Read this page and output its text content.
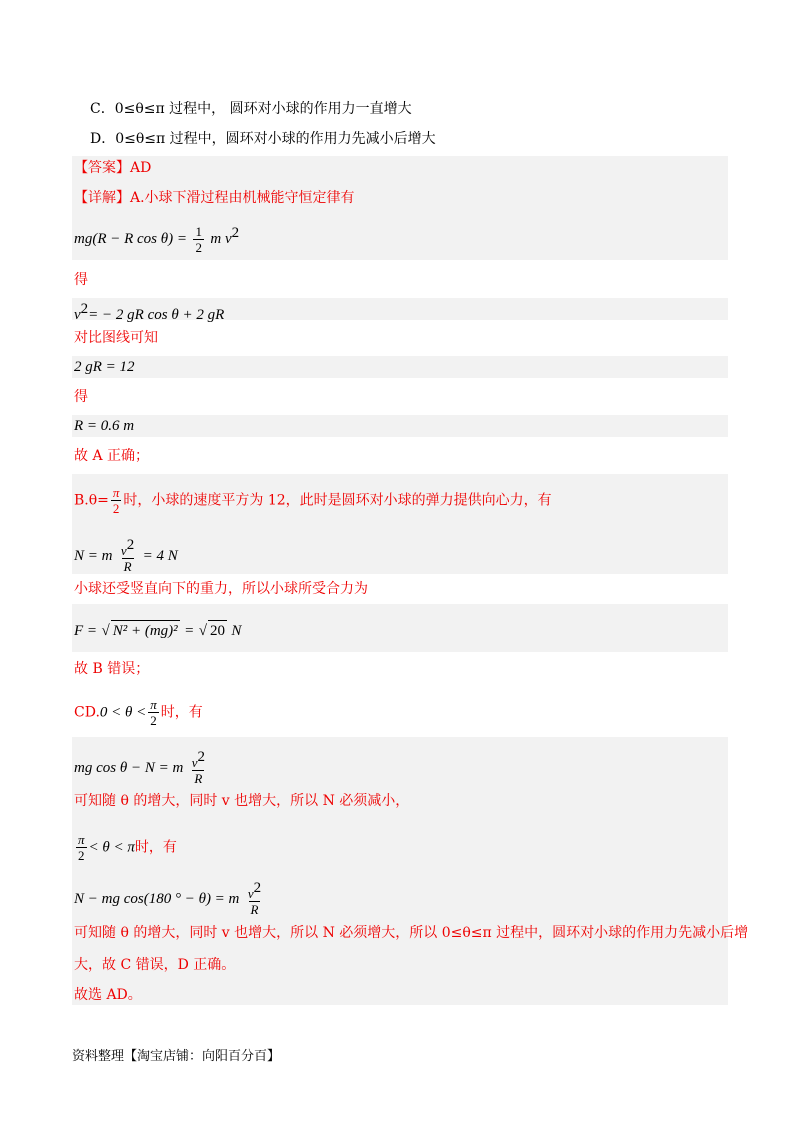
C．0≤θ≤π 过程中， 圆环对小球的作用力一直增大
D．0≤θ≤π 过程中，圆环对小球的作用力先减小后增大
【答案】AD
【详解】A.小球下滑过程由机械能守恒定律有
mg(R − R $\cos \theta) = \frac{1}{2}$ m $v^2$
得
$v^2= - 2$ gR cos θ + 2 gR
对比图线可知
2 gR = 12
得
R = 0.6 m
故 A 正确；
$B.\theta= \frac{\pi}{2}$ 时，小球的速度平方为 12，此时是圆环对小球的弹力提供向心力，有
N = m $\frac{v^2}{R} = 4$ N
小球还受竖直向下的重力，所以小球所受合力为
F = √ N² + (mg)² = √ 20 N
故 B 错误；
$CD.0 < \theta < \frac{\pi}{2}$ 时，有
mg cos θ − N = m $\frac{v^2}{R}$
可知随 θ 的增大，同时 v 也增大，所以 N 必须减小，
$\frac{\pi}{2} < \theta < \pi$时，有
N − mg cos(180 ° − θ) = m $\frac{v^2}{R}$
可知随 θ 的增大，同时 v 也增大，所以 N 必须增大，所以 0≤θ≤π 过程中，圆环对小球的作用力先减小后增
大，故 C 错误，D 正确。
故选 AD。
资料整理【淘宝店铺：向阳百分百】
